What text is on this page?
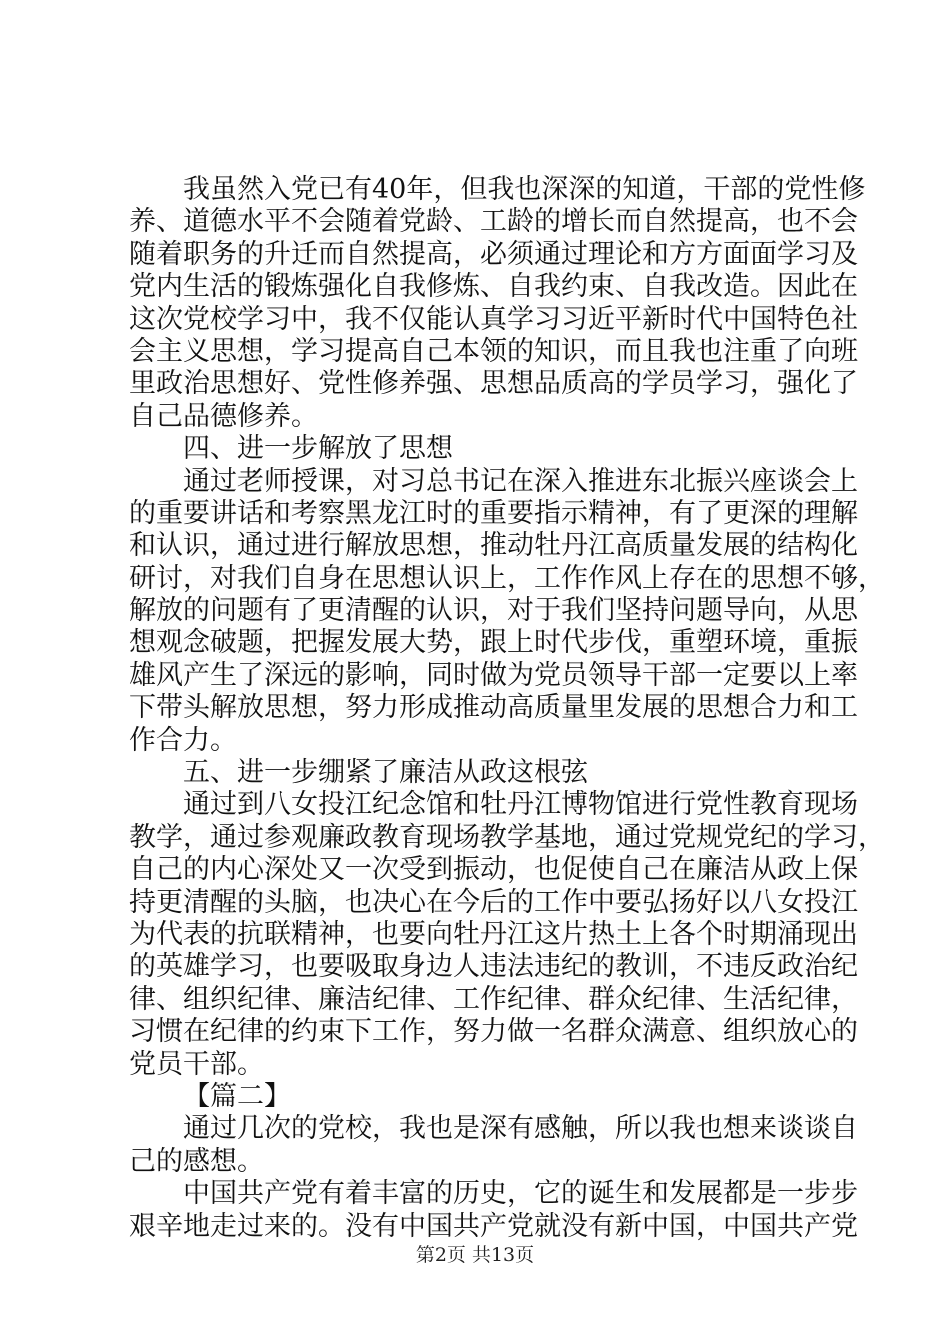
我虽然入党已有40年，但我也深深的知道，干部的党性修
养、道德水平不会随着党龄、工龄的增长而自然提高，也不会
随着职务的升迁而自然提高，必须通过理论和方方面面学习及
党内生活的锻炼强化自我修炼、自我约束、自我改造。因此在
这次党校学习中，我不仅能认真学习习近平新时代中国特色社
会主义思想，学习提高自己本领的知识，而且我也注重了向班
里政治思想好、党性修养强、思想品质高的学员学习，强化了
自己品德修养。
四、进一步解放了思想
通过老师授课，对习总书记在深入推进东北振兴座谈会上
的重要讲话和考察黑龙江时的重要指示精神，有了更深的理解
和认识，通过进行解放思想，推动牡丹江高质量发展的结构化
研讨，对我们自身在思想认识上，工作作风上存在的思想不够，
解放的问题有了更清醒的认识，对于我们坚持问题导向，从思
想观念破题，把握发展大势，跟上时代步伐，重塑环境，重振
雄风产生了深远的影响，同时做为党员领导干部一定要以上率
下带头解放思想，努力形成推动高质量里发展的思想合力和工
作合力。
五、进一步绷紧了廉洁从政这根弦
通过到八女投江纪念馆和牡丹江博物馆进行党性教育现场
教学，通过参观廉政教育现场教学基地，通过党规党纪的学习，
自己的内心深处又一次受到振动，也促使自己在廉洁从政上保
持更清醒的头脑，也决心在今后的工作中要弘扬好以八女投江
为代表的抗联精神，也要向牡丹江这片热土上各个时期涌现出
的英雄学习，也要吸取身边人违法违纪的教训，不违反政治纪
律、组织纪律、廉洁纪律、工作纪律、群众纪律、生活纪律，
习惯在纪律的约束下工作，努力做一名群众满意、组织放心的
党员干部。
【篇二】
通过几次的党校，我也是深有感触，所以我也想来谈谈自
己的感想。
中国共产党有着丰富的历史，它的诞生和发展都是一步步
艰辛地走过来的。没有中国共产党就没有新中国，中国共产党
第2页 共13页
